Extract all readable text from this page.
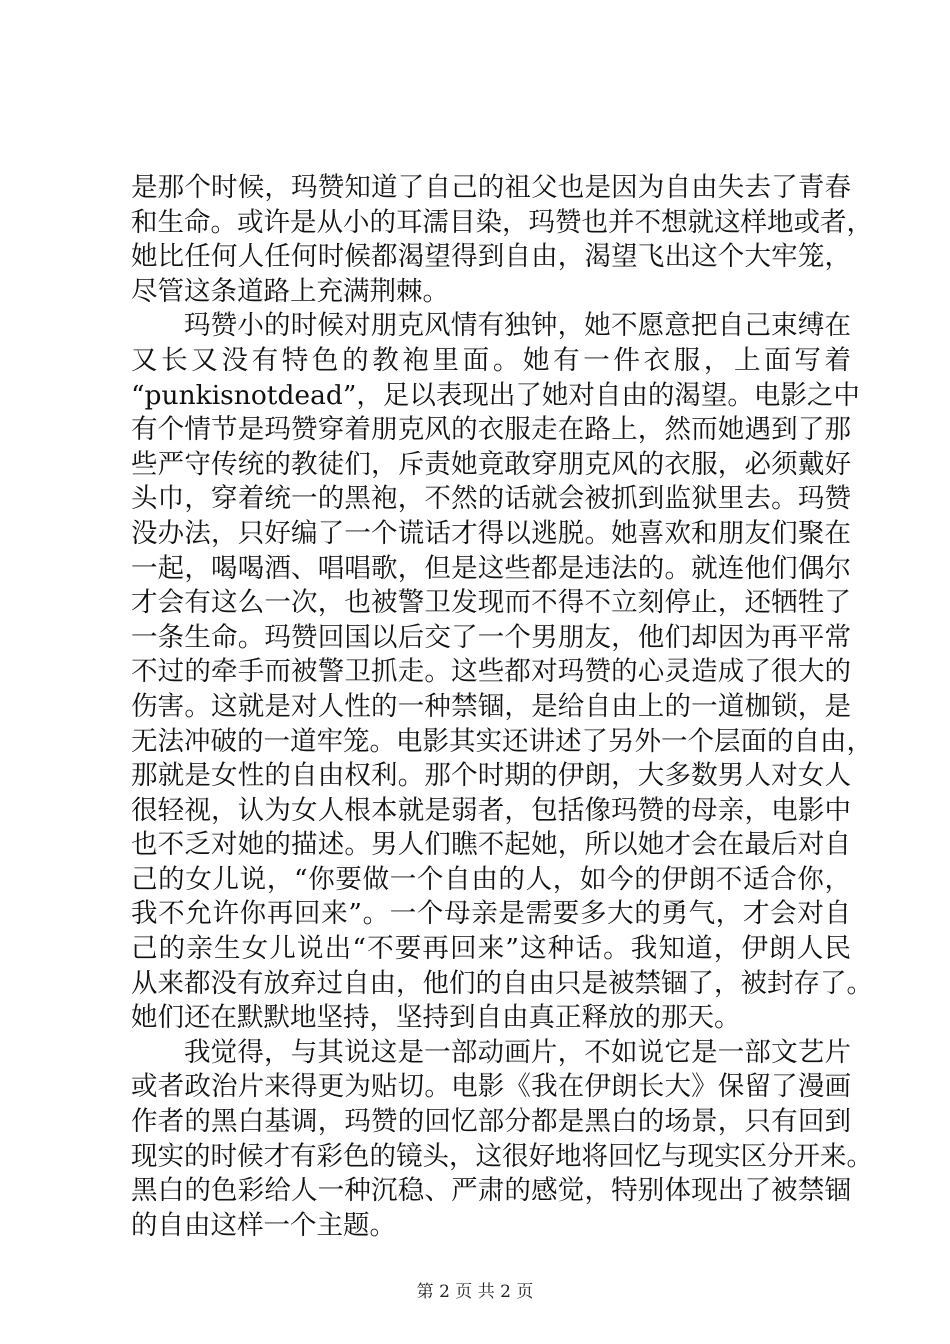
是那个时候，玛赞知道了自己的祖父也是因为自由失去了青春
和生命。或许是从小的耳濡目染，玛赞也并不想就这样地或者，
她比任何人任何时候都渴望得到自由，渴望飞出这个大牢笼，
尽管这条道路上充满荆棘。
玛赞小的时候对朋克风情有独钟，她不愿意把自己束缚在
又长又没有特色的教袍里面。她有一件衣服，上面写着
“punkisnotdead”，足以表现出了她对自由的渴望。电影之中
有个情节是玛赞穿着朋克风的衣服走在路上，然而她遇到了那
些严守传统的教徒们，斥责她竟敢穿朋克风的衣服，必须戴好
头巾，穿着统一的黑袍，不然的话就会被抓到监狱里去。玛赞
没办法，只好编了一个谎话才得以逃脱。她喜欢和朋友们聚在
一起，喝喝酒、唱唱歌，但是这些都是违法的。就连他们偶尔
才会有这么一次，也被警卫发现而不得不立刻停止，还牺牲了
一条生命。玛赞回国以后交了一个男朋友，他们却因为再平常
不过的牵手而被警卫抓走。这些都对玛赞的心灵造成了很大的
伤害。这就是对人性的一种禁锢，是给自由上的一道枷锁，是
无法冲破的一道牢笼。电影其实还讲述了另外一个层面的自由，
那就是女性的自由权利。那个时期的伊朗，大多数男人对女人
很轻视，认为女人根本就是弱者，包括像玛赞的母亲，电影中
也不乏对她的描述。男人们瞧不起她，所以她才会在最后对自
己的女儿说，“你要做一个自由的人，如今的伊朗不适合你，
我不允许你再回来”。一个母亲是需要多大的勇气，才会对自
己的亲生女儿说出“不要再回来”这种话。我知道，伊朗人民
从来都没有放弃过自由，他们的自由只是被禁锢了，被封存了。
她们还在默默地坚持，坚持到自由真正释放的那天。
我觉得，与其说这是一部动画片，不如说它是一部文艺片
或者政治片来得更为贴切。电影《我在伊朗长大》保留了漫画
作者的黑白基调，玛赞的回忆部分都是黑白的场景，只有回到
现实的时候才有彩色的镜头，这很好地将回忆与现实区分开来。
黑白的色彩给人一种沉稳、严肃的感觉，特别体现出了被禁锢
的自由这样一个主题。
第 2 页 共 2 页
